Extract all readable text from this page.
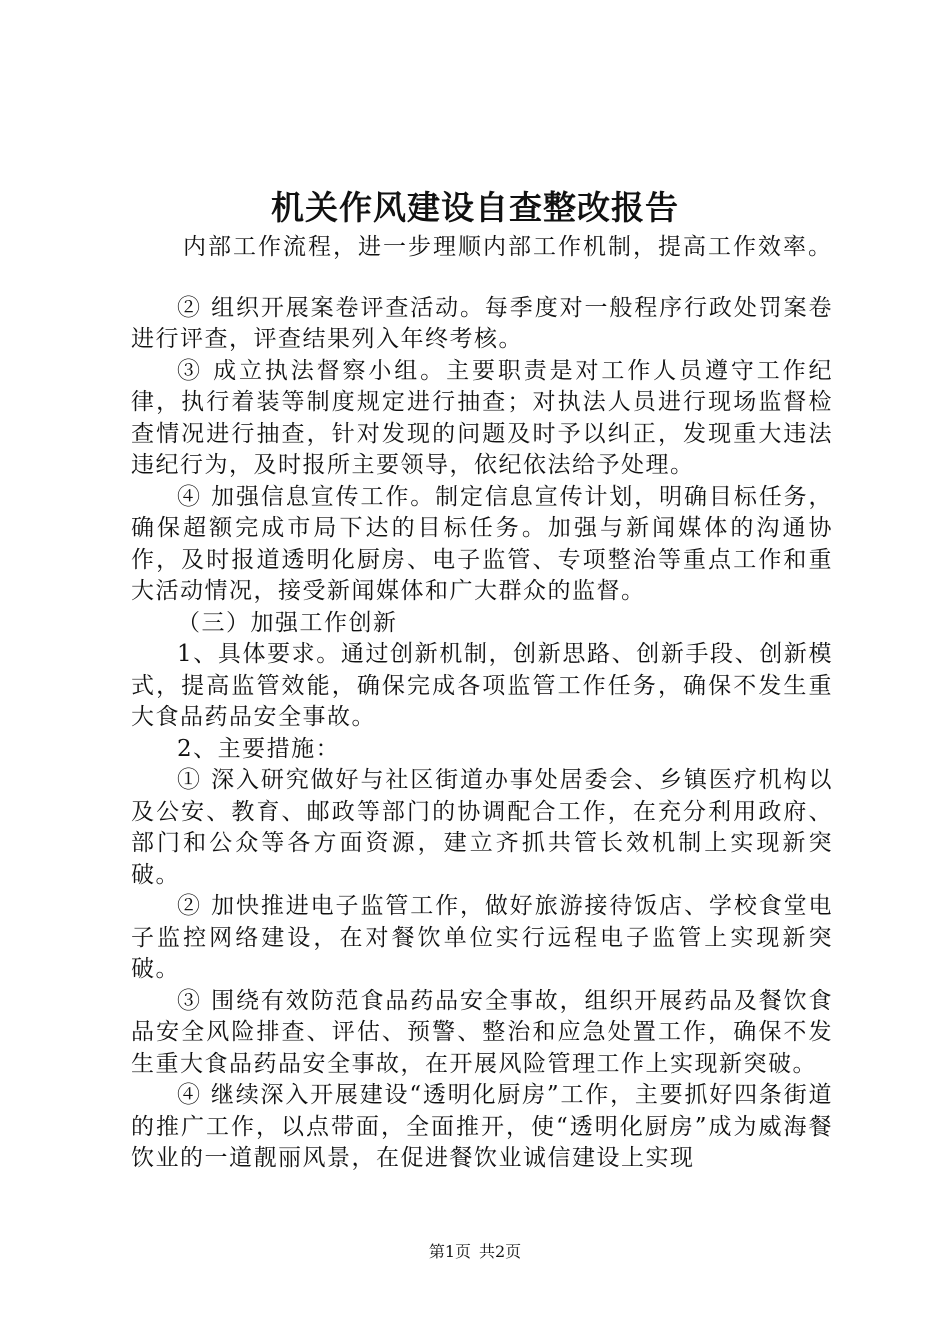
机关作风建设自查整改报告

内部工作流程，进一步理顺内部工作机制，提高工作效率。

② 组织开展案卷评查活动。每季度对一般程序行政处罚案卷进行评查，评查结果列入年终考核。

③ 成立执法督察小组。主要职责是对工作人员遵守工作纪律，执行着装等制度规定进行抽查；对执法人员进行现场监督检查情况进行抽查，针对发现的问题及时予以纠正，发现重大违法违纪行为，及时报所主要领导，依纪依法给予处理。

④ 加强信息宣传工作。制定信息宣传计划，明确目标任务，确保超额完成市局下达的目标任务。加强与新闻媒体的沟通协作，及时报道透明化厨房、电子监管、专项整治等重点工作和重大活动情况，接受新闻媒体和广大群众的监督。

（三）加强工作创新

1、具体要求。通过创新机制，创新思路、创新手段、创新模式，提高监管效能，确保完成各项监管工作任务，确保不发生重大食品药品安全事故。

2、主要措施：

① 深入研究做好与社区街道办事处居委会、乡镇医疗机构以及公安、教育、邮政等部门的协调配合工作，在充分利用政府、部门和公众等各方面资源，建立齐抓共管长效机制上实现新突破。

② 加快推进电子监管工作，做好旅游接待饭店、学校食堂电子监控网络建设，在对餐饮单位实行远程电子监管上实现新突破。

③ 围绕有效防范食品药品安全事故，组织开展药品及餐饮食品安全风险排查、评估、预警、整治和应急处置工作，确保不发生重大食品药品安全事故，在开展风险管理工作上实现新突破。

④ 继续深入开展建设“透明化厨房”工作，主要抓好四条街道的推广工作，以点带面，全面推开，使“透明化厨房”成为威海餐饮业的一道靓丽风景，在促进餐饮业诚信建设上实现

第1页 共2页
